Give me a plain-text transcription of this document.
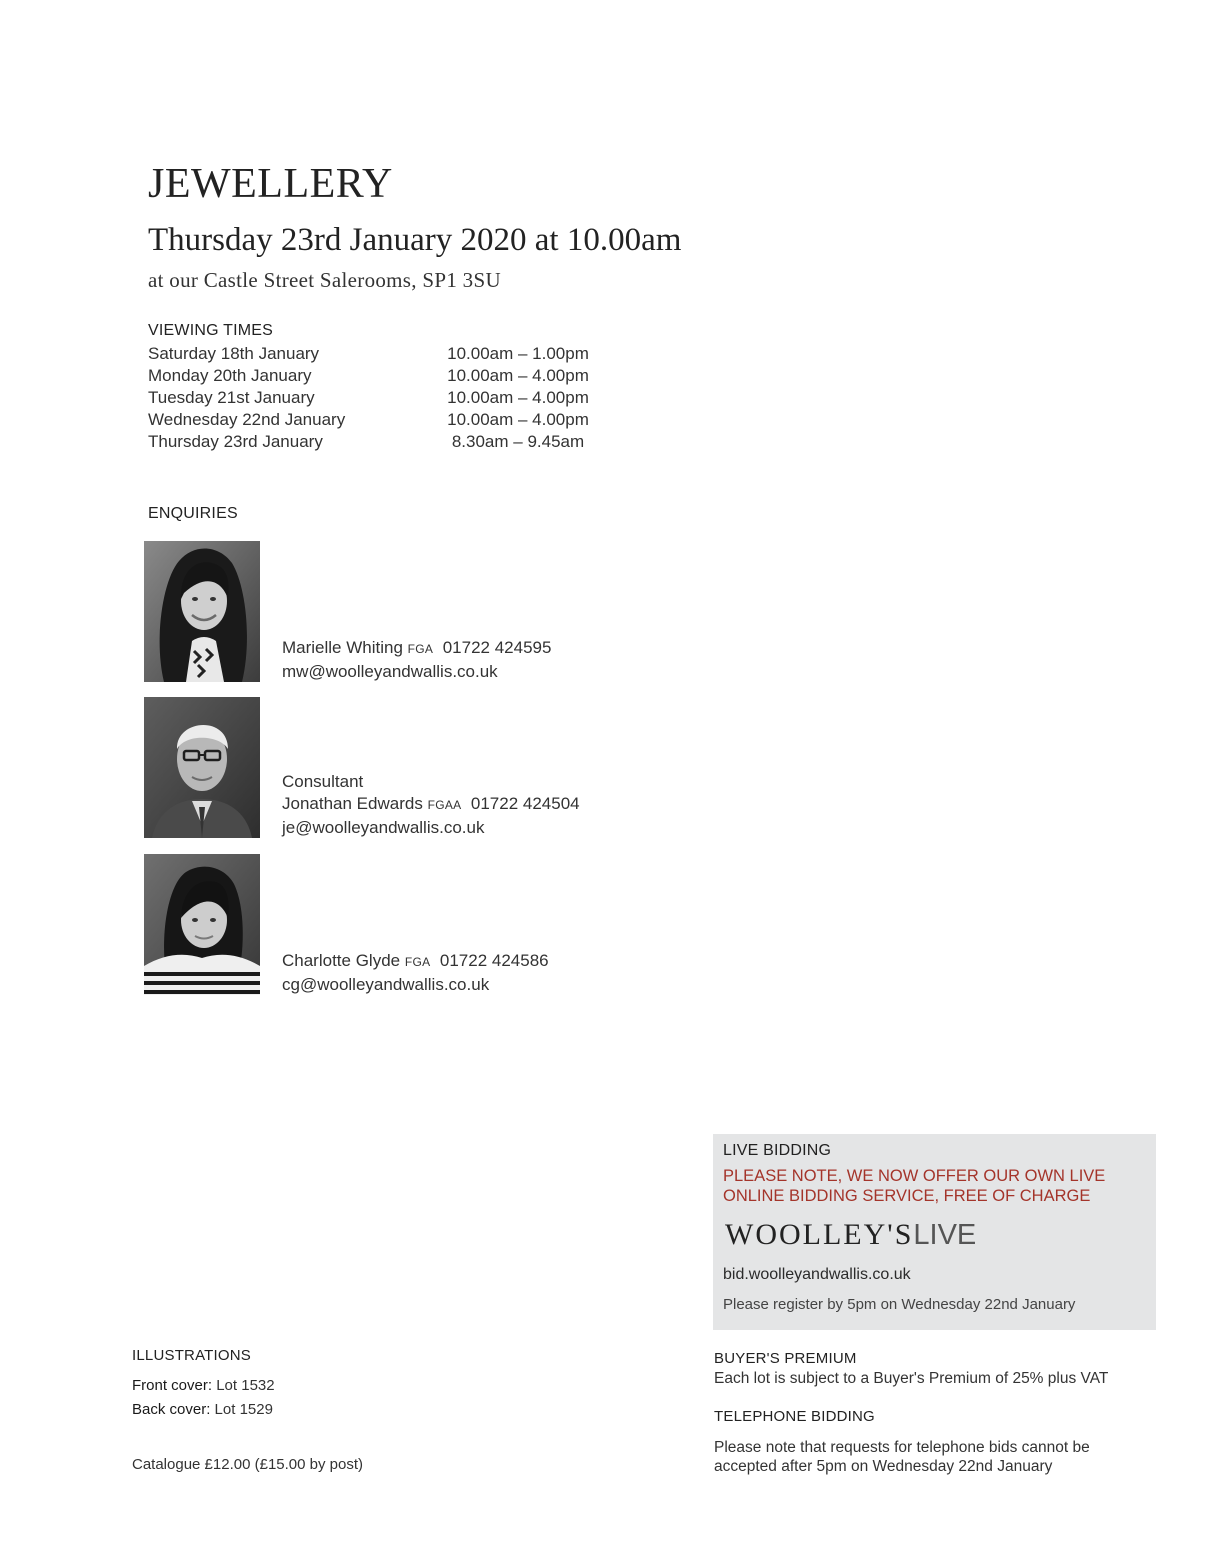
JEWELLERY
Thursday 23rd January 2020 at 10.00am
at our Castle Street Salerooms, SP1 3SU
VIEWING TIMES
Saturday 18th January	10.00am – 1.00pm
Monday 20th January	10.00am – 4.00pm
Tuesday 21st January	10.00am – 4.00pm
Wednesday 22nd January	10.00am – 4.00pm
Thursday 23rd January	8.30am – 9.45am
ENQUIRIES
Marielle Whiting FGA 01722 424595
mw@woolleyandwallis.co.uk
Consultant
Jonathan Edwards FGAA 01722 424504
je@woolleyandwallis.co.uk
Charlotte Glyde FGA 01722 424586
cg@woolleyandwallis.co.uk
LIVE BIDDING
PLEASE NOTE, WE NOW OFFER OUR OWN LIVE
ONLINE BIDDING SERVICE, FREE OF CHARGE
WOOLLEY'SLIVE
bid.woolleyandwallis.co.uk
Please register by 5pm on Wednesday 22nd January
BUYER'S PREMIUM
Each lot is subject to a Buyer's Premium of 25% plus VAT
TELEPHONE BIDDING
Please note that requests for telephone bids cannot be accepted after 5pm on Wednesday 22nd January
ILLUSTRATIONS
Front cover: Lot 1532
Back cover: Lot 1529
Catalogue £12.00 (£15.00 by post)
